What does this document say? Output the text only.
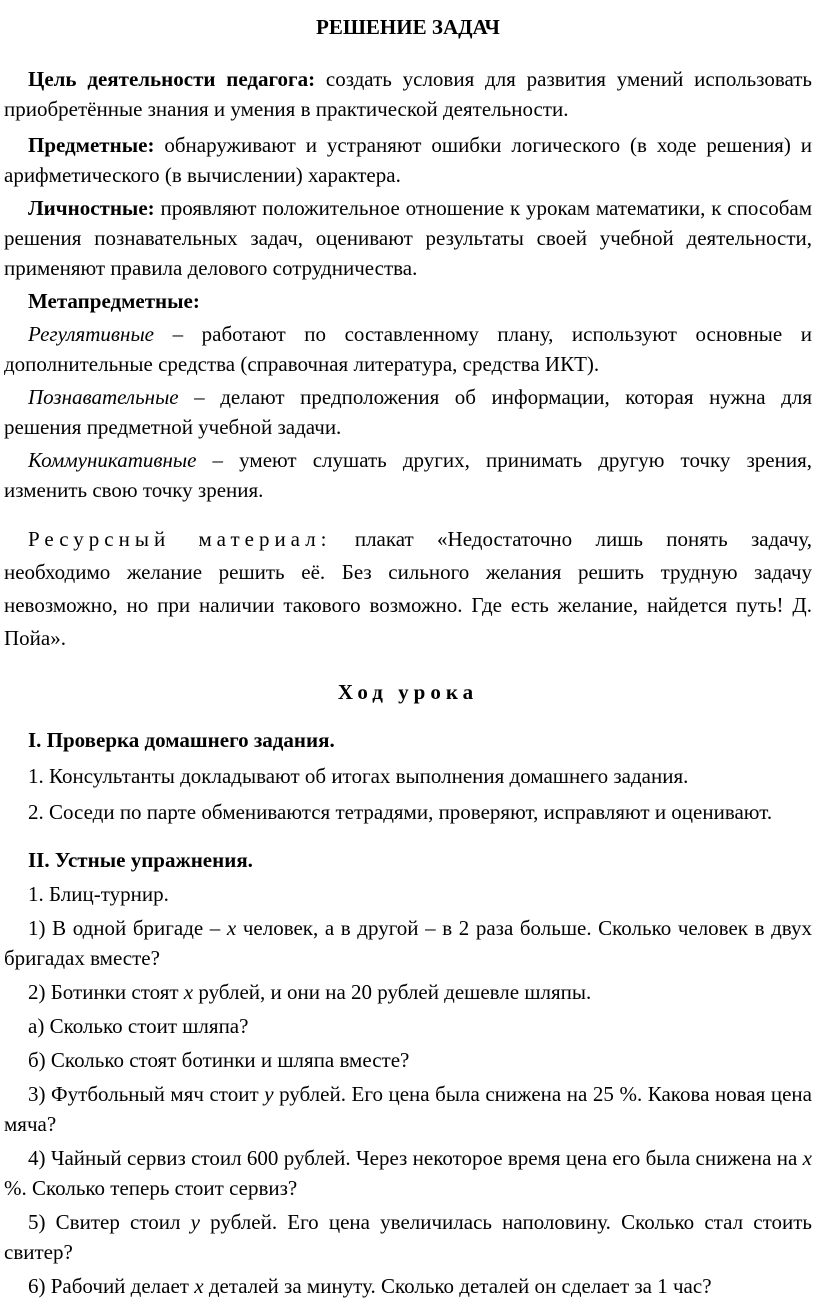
РЕШЕНИЕ ЗАДАЧ

Цель деятельности педагога: создать условия для развития умений использовать приобретённые знания и умения в практической деятельности.

Предметные: обнаруживают и устраняют ошибки логического (в ходе решения) и арифметического (в вычислении) характера.

Личностные: проявляют положительное отношение к урокам математики, к способам решения познавательных задач, оценивают результаты своей учебной деятельности, применяют правила делового сотрудничества.

Метапредметные:

Регулятивные – работают по составленному плану, используют основные и дополнительные средства (справочная литература, средства ИКТ).

Познавательные – делают предположения об информации, которая нужна для решения предметной учебной задачи.

Коммуникативные – умеют слушать других, принимать другую точку зрения, изменить свою точку зрения.

Ресурсный материал: плакат «Недостаточно лишь понять задачу, необходимо желание решить её. Без сильного желания решить трудную задачу невозможно, но при наличии такового возможно. Где есть желание, найдется путь! Д. Пойа».

Ход урока

I. Проверка домашнего задания.

1. Консультанты докладывают об итогах выполнения домашнего задания.

2. Соседи по парте обмениваются тетрадями, проверяют, исправляют и оценивают.

II. Устные упражнения.

1. Блиц-турнир.

1) В одной бригаде – х человек, а в другой – в 2 раза больше. Сколько человек в двух бригадах вместе?

2) Ботинки стоят х рублей, и они на 20 рублей дешевле шляпы.

а) Сколько стоит шляпа?

б) Сколько стоят ботинки и шляпа вместе?

3) Футбольный мяч стоит у рублей. Его цена была снижена на 25 %. Какова новая цена мяча?

4) Чайный сервиз стоил 600 рублей. Через некоторое время цена его была снижена на х %. Сколько теперь стоит сервиз?

5) Свитер стоил у рублей. Его цена увеличилась наполовину. Сколько стал стоить свитер?

6) Рабочий делает х деталей за минуту. Сколько деталей он сделает за 1 час?
